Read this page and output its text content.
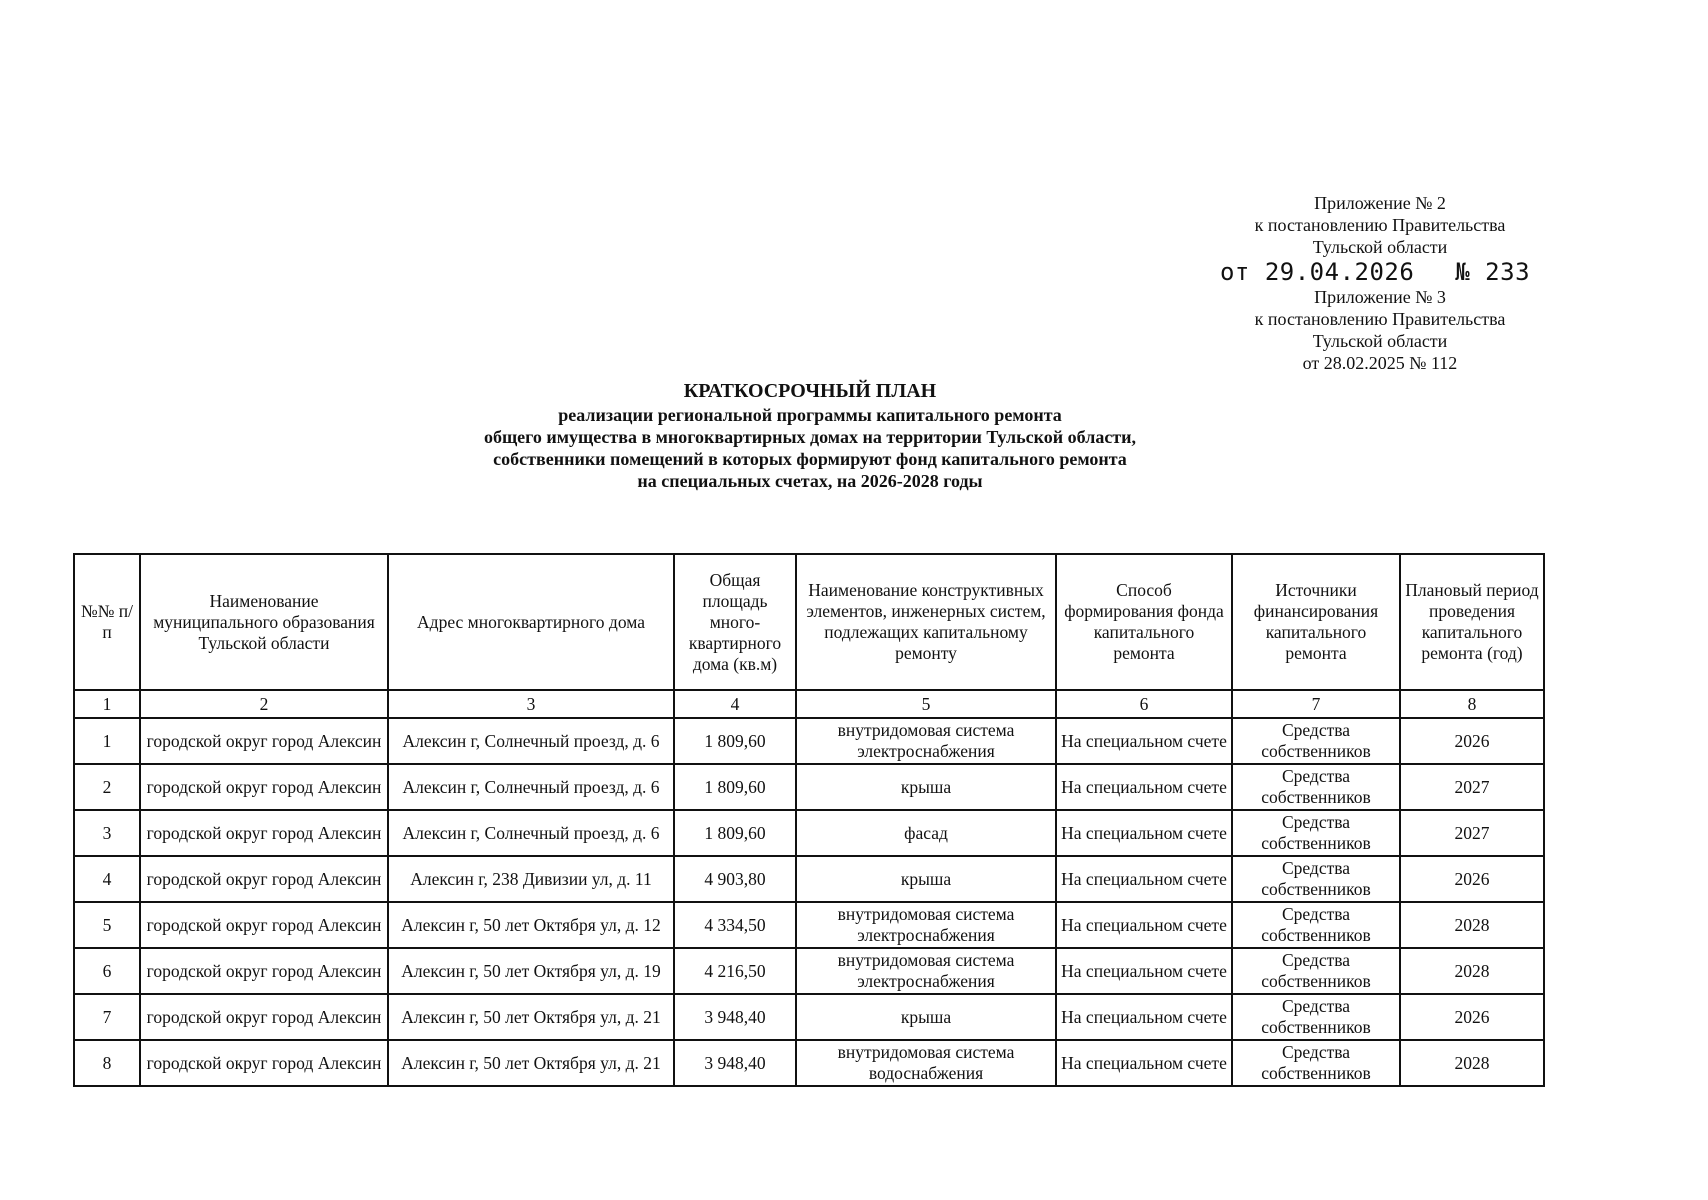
Приложение № 2
к постановлению Правительства
Тульской области
от 29.04.2026 № 233
Приложение № 3
к постановлению Правительства
Тульской области
от 28.02.2025 № 112
КРАТКОСРОЧНЫЙ ПЛАН
реализации региональной программы капитального ремонта
общего имущества в многоквартирных домах на территории Тульской области,
собственники помещений в которых формируют фонд капитального ремонта
на специальных счетах, на 2026-2028 годы
№№ п/п	Наименование муниципального образования Тульской области	Адрес многоквартирного дома	Общая площадь много-квартирного дома (кв.м)	Наименование конструктивных элементов, инженерных систем, подлежащих капитальному ремонту	Способ формирования фонда капитального ремонта	Источники финансирования капитального ремонта	Плановый период проведения капитального ремонта (год)
1	2	3	4	5	6	7	8
1	городской округ город Алексин	Алексин г, Солнечный проезд, д. 6	1 809,60	внутридомовая система электроснабжения	На специальном счете	Средства собственников	2026
2	городской округ город Алексин	Алексин г, Солнечный проезд, д. 6	1 809,60	крыша	На специальном счете	Средства собственников	2027
3	городской округ город Алексин	Алексин г, Солнечный проезд, д. 6	1 809,60	фасад	На специальном счете	Средства собственников	2027
4	городской округ город Алексин	Алексин г, 238 Дивизии ул, д. 11	4 903,80	крыша	На специальном счете	Средства собственников	2026
5	городской округ город Алексин	Алексин г, 50 лет Октября ул, д. 12	4 334,50	внутридомовая система электроснабжения	На специальном счете	Средства собственников	2028
6	городской округ город Алексин	Алексин г, 50 лет Октября ул, д. 19	4 216,50	внутридомовая система электроснабжения	На специальном счете	Средства собственников	2028
7	городской округ город Алексин	Алексин г, 50 лет Октября ул, д. 21	3 948,40	крыша	На специальном счете	Средства собственников	2026
8	городской округ город Алексин	Алексин г, 50 лет Октября ул, д. 21	3 948,40	внутридомовая система водоснабжения	На специальном счете	Средства собственников	2028
